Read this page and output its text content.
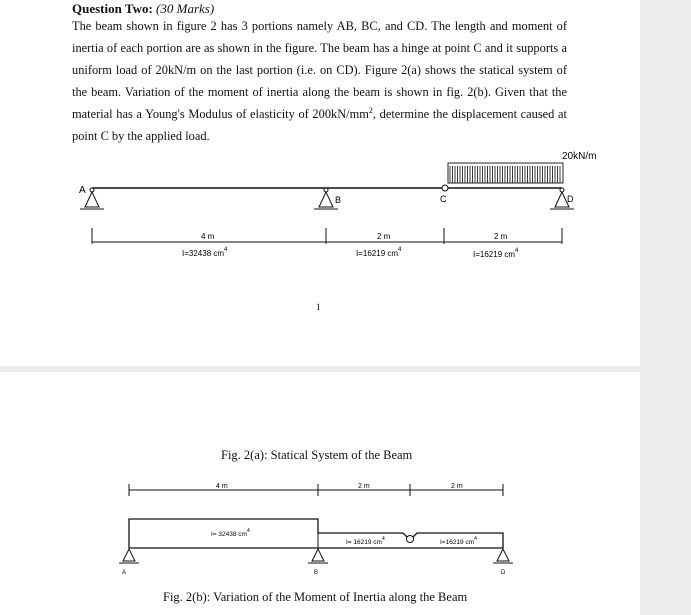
Question Two: (30 Marks)
The beam shown in figure 2 has 3 portions namely AB, BC, and CD. The length and moment of inertia of each portion are as shown in the figure. The beam has a hinge at point C and it supports a uniform load of 20kN/m on the last portion (i.e. on CD). Figure 2(a) shows the statical system of the beam. Variation of the moment of inertia along the beam is shown in fig. 2(b). Given that the material has a Young's Modulus of elasticity of $200kN/mm^2$, determine the displacement caused at point C by the applied load.
20kN/m
A
B	C	D
4 m
I=32438 $cm^4$
2 m
I=16219 $cm^4$
2 m
I=16219 $cm^4$
1
Fig. 2(a): Statical System of the Beam
4 m	2 m	2 m
I= 32438 $cm^4$
I= 16219 $cm^4$	I=16219 $cm^4$
A	B	D
Fig. 2(b): Variation of the Moment of Inertia along the Beam
